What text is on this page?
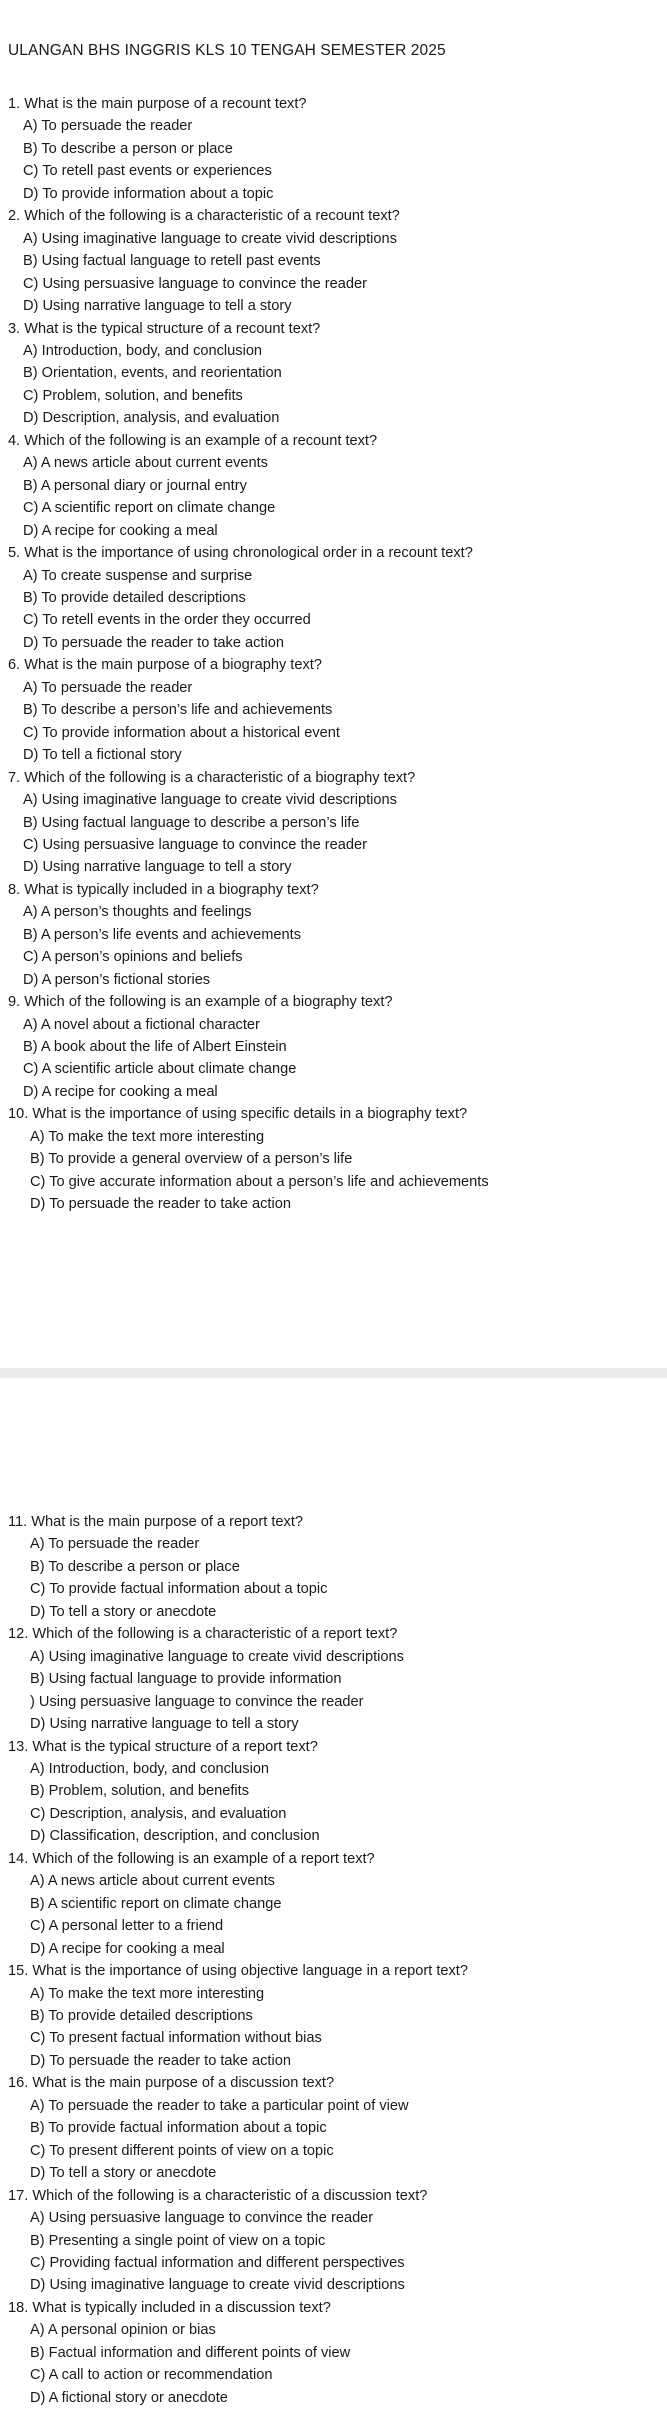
ULANGAN BHS INGGRIS KLS 10 TENGAH SEMESTER 2025
1. What is the main purpose of a recount text?
A) To persuade the reader
B) To describe a person or place
C) To retell past events or experiences
D) To provide information about a topic
2. Which of the following is a characteristic of a recount text?
A) Using imaginative language to create vivid descriptions
B) Using factual language to retell past events
C) Using persuasive language to convince the reader
D) Using narrative language to tell a story
3. What is the typical structure of a recount text?
A) Introduction, body, and conclusion
B) Orientation, events, and reorientation
C) Problem, solution, and benefits
D) Description, analysis, and evaluation
4. Which of the following is an example of a recount text?
A) A news article about current events
B) A personal diary or journal entry
C) A scientific report on climate change
D) A recipe for cooking a meal
5. What is the importance of using chronological order in a recount text?
A) To create suspense and surprise
B) To provide detailed descriptions
C) To retell events in the order they occurred
D) To persuade the reader to take action
6. What is the main purpose of a biography text?
A) To persuade the reader
B) To describe a person’s life and achievements
C) To provide information about a historical event
D) To tell a fictional story
7. Which of the following is a characteristic of a biography text?
A) Using imaginative language to create vivid descriptions
B) Using factual language to describe a person’s life
C) Using persuasive language to convince the reader
D) Using narrative language to tell a story
8. What is typically included in a biography text?
A) A person’s thoughts and feelings
B) A person’s life events and achievements
C) A person’s opinions and beliefs
D) A person’s fictional stories
9. Which of the following is an example of a biography text?
A) A novel about a fictional character
B) A book about the life of Albert Einstein
C) A scientific article about climate change
D) A recipe for cooking a meal
10. What is the importance of using specific details in a biography text?
A) To make the text more interesting
B) To provide a general overview of a person’s life
C) To give accurate information about a person’s life and achievements
D) To persuade the reader to take action
11. What is the main purpose of a report text?
A) To persuade the reader
B) To describe a person or place
C) To provide factual information about a topic
D) To tell a story or anecdote
12. Which of the following is a characteristic of a report text?
A) Using imaginative language to create vivid descriptions
B) Using factual language to provide information
) Using persuasive language to convince the reader
D) Using narrative language to tell a story
13. What is the typical structure of a report text?
A) Introduction, body, and conclusion
B) Problem, solution, and benefits
C) Description, analysis, and evaluation
D) Classification, description, and conclusion
14. Which of the following is an example of a report text?
A) A news article about current events
B) A scientific report on climate change
C) A personal letter to a friend
D) A recipe for cooking a meal
15. What is the importance of using objective language in a report text?
A) To make the text more interesting
B) To provide detailed descriptions
C) To present factual information without bias
D) To persuade the reader to take action
16. What is the main purpose of a discussion text?
A) To persuade the reader to take a particular point of view
B) To provide factual information about a topic
C) To present different points of view on a topic
D) To tell a story or anecdote
17. Which of the following is a characteristic of a discussion text?
A) Using persuasive language to convince the reader
B) Presenting a single point of view on a topic
C) Providing factual information and different perspectives
D) Using imaginative language to create vivid descriptions
18. What is typically included in a discussion text?
A) A personal opinion or bias
B) Factual information and different points of view
C) A call to action or recommendation
D) A fictional story or anecdote
